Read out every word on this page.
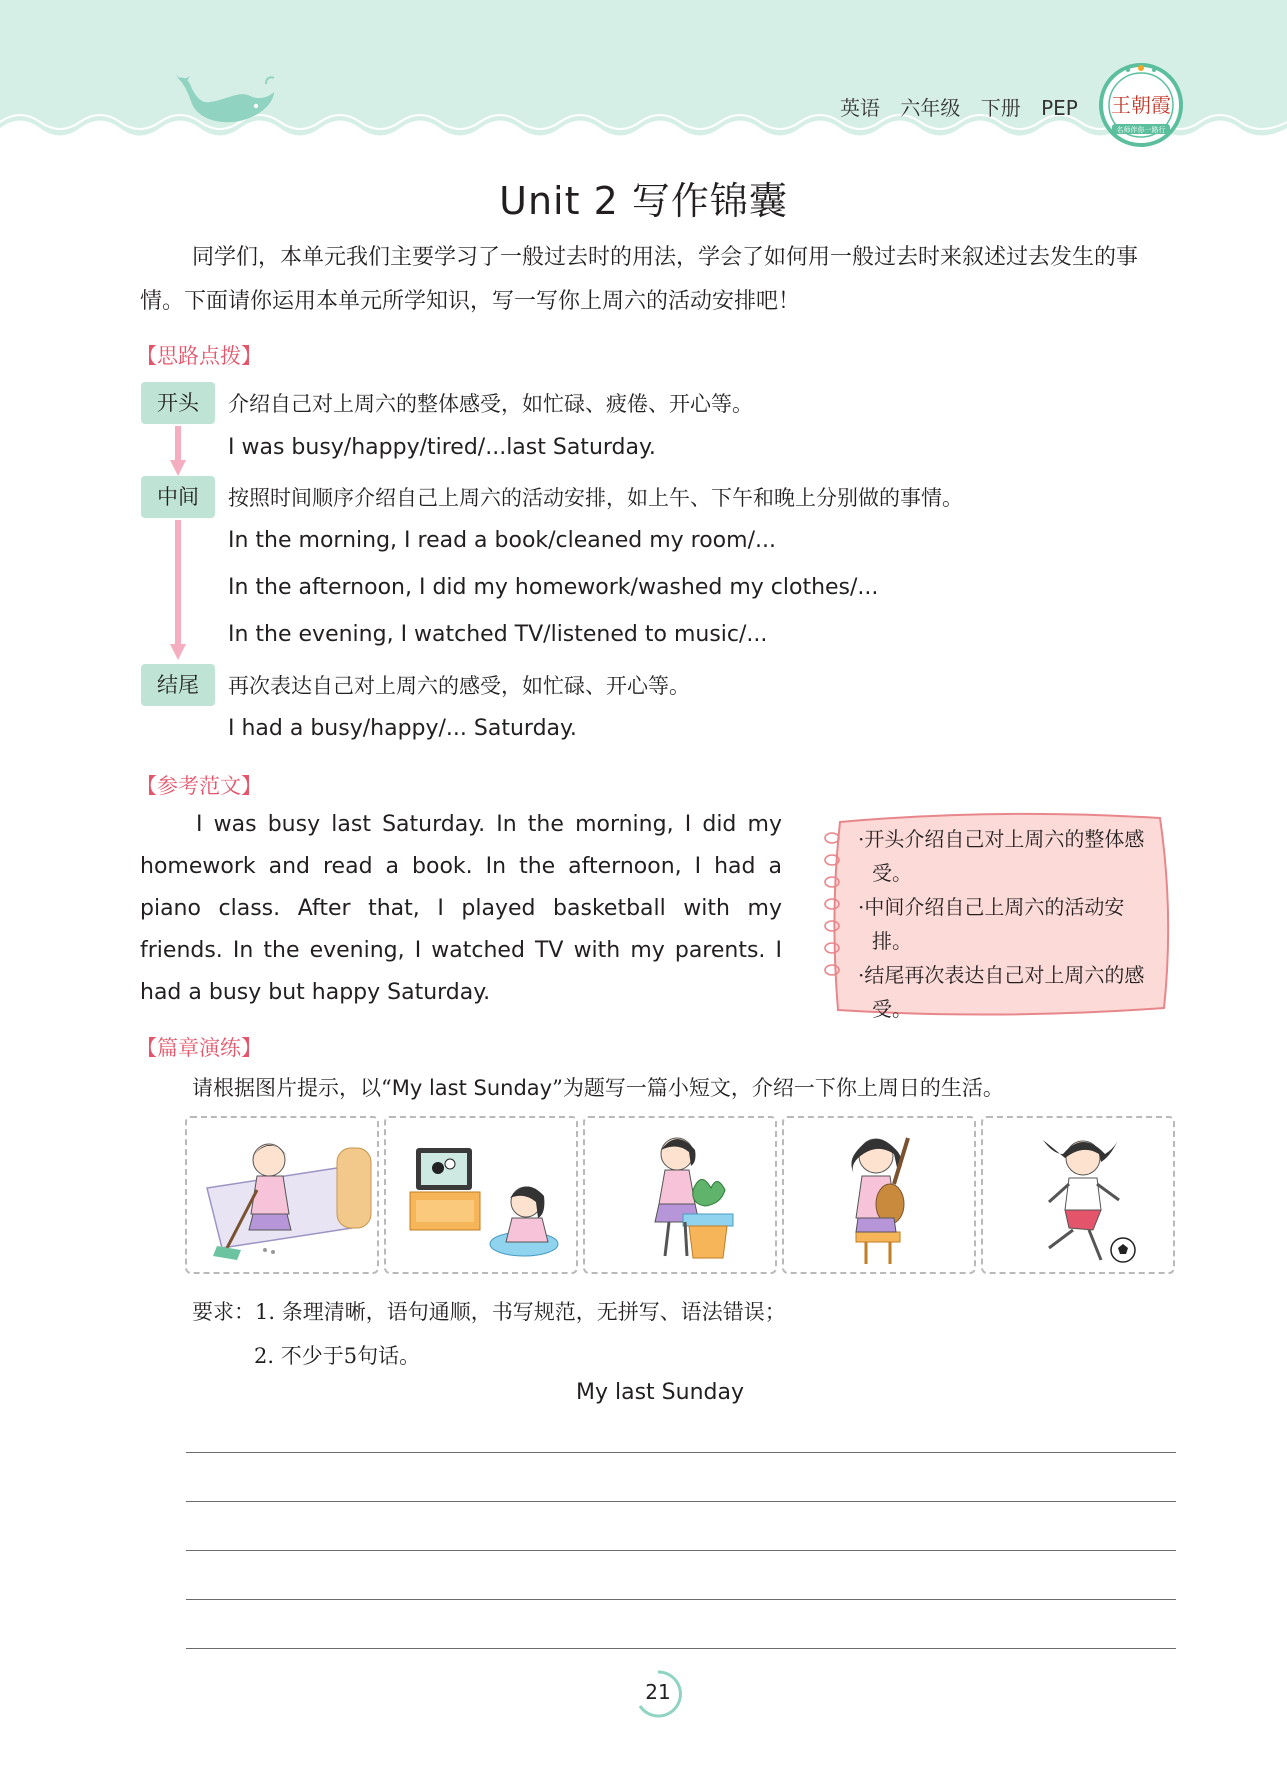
英语 六年级 下册 PEP	王朝霞
名师伴你一路行
Unit 2 写作锦囊
同学们，本单元我们主要学习了一般过去时的用法，学会了如何用一般过去时来叙述过去发生的事情。下面请你运用本单元所学知识，写一写你上周六的活动安排吧！
【思路点拨】
开头	介绍自己对上周六的整体感受，如忙碌、疲倦、开心等。
I was busy/happy/tired/...last Saturday.
中间	按照时间顺序介绍自己上周六的活动安排，如上午、下午和晚上分别做的事情。
In the morning, I read a book/cleaned my room/...
In the afternoon, I did my homework/washed my clothes/...
In the evening, I watched TV/listened to music/...
结尾	再次表达自己对上周六的感受，如忙碌、开心等。
I had a busy/happy/... Saturday.
【参考范文】
I was busy last Saturday. In the morning, I did my homework and read a book. In the afternoon, I had a piano class. After that, I played basketball with my friends. In the evening, I watched TV with my parents. I had a busy but happy Saturday.
·开头介绍自己对上周六的整体感受。
·中间介绍自己上周六的活动安排。
·结尾再次表达自己对上周六的感受。
【篇章演练】
请根据图片提示，以“My last Sunday”为题写一篇小短文，介绍一下你上周日的生活。
要求：1. 条理清晰，语句通顺，书写规范，无拼写、语法错误；
2. 不少于5句话。
My last Sunday
21
